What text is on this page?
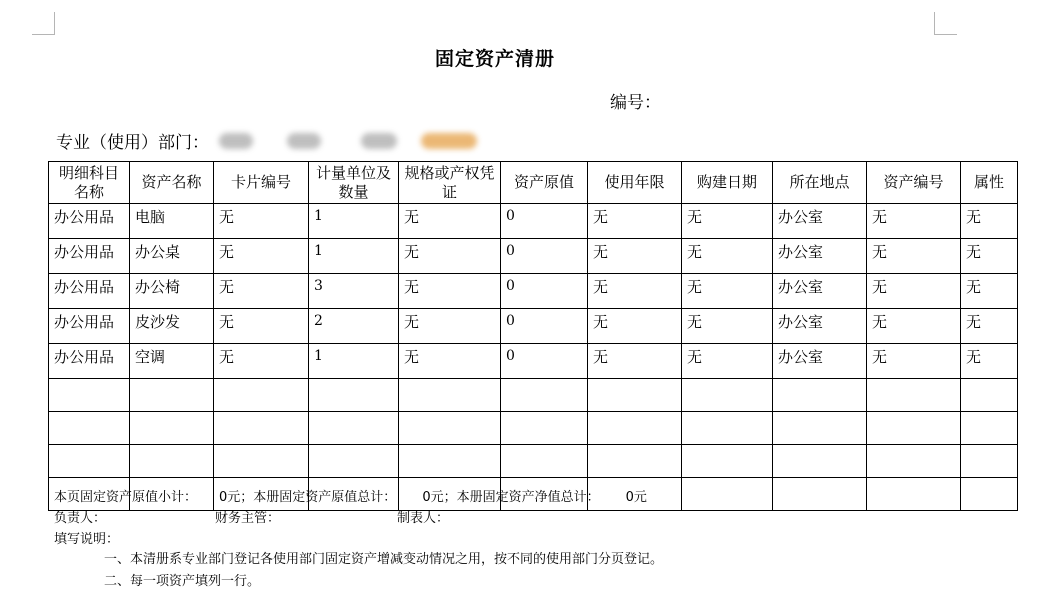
固定资产清册
编号：
专业（使用）部门：
明细科目名称	资产名称	卡片编号	计量单位及数量	规格或产权凭证	资产原值	使用年限	购建日期	所在地点	资产编号	属性
办公用品	电脑	无	1	无	0	无	无	办公室	无	无
办公用品	办公桌	无	1	无	0	无	无	办公室	无	无
办公用品	办公椅	无	3	无	0	无	无	办公室	无	无
办公用品	皮沙发	无	2	无	0	无	无	办公室	无	无
办公用品	空调	无	1	无	0	无	无	办公室	无	无

本页固定资产原值小计： 0元；本册固定资产原值总计： 0元；本册固定资产净值总计： 0元
负责人：	财务主管：	制表人：
填写说明：
一、本清册系专业部门登记各使用部门固定资产增减变动情况之用，按不同的使用部门分页登记。
二、每一项资产填列一行。
